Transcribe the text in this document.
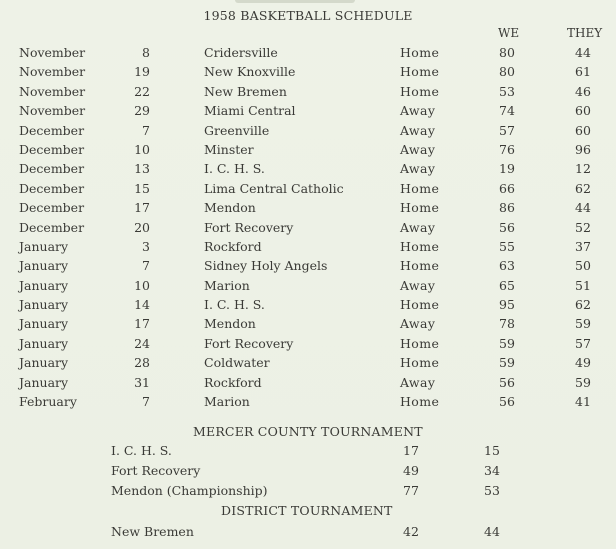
1958 BASKETBALL SCHEDULE
WE	THEY
November	8	Cridersville	Home	80	44
November	19	New Knoxville	Home	80	61
November	22	New Bremen	Home	53	46
November	29	Miami Central	Away	74	60
December	7	Greenville	Away	57	60
December	10	Minster	Away	76	96
December	13	I. C. H. S.	Away	19	12
December	15	Lima Central Catholic	Home	66	62
December	17	Mendon	Home	86	44
December	20	Fort Recovery	Away	56	52
January	3	Rockford	Home	55	37
January	7	Sidney Holy Angels	Home	63	50
January	10	Marion	Away	65	51
January	14	I. C. H. S.	Home	95	62
January	17	Mendon	Away	78	59
January	24	Fort Recovery	Home	59	57
January	28	Coldwater	Home	59	49
January	31	Rockford	Away	56	59
February	7	Marion	Home	56	41
MERCER COUNTY TOURNAMENT
I. C. H. S.	17	15
Fort Recovery	49	34
Mendon (Championship)	77	53
DISTRICT TOURNAMENT
New Bremen	42	44
